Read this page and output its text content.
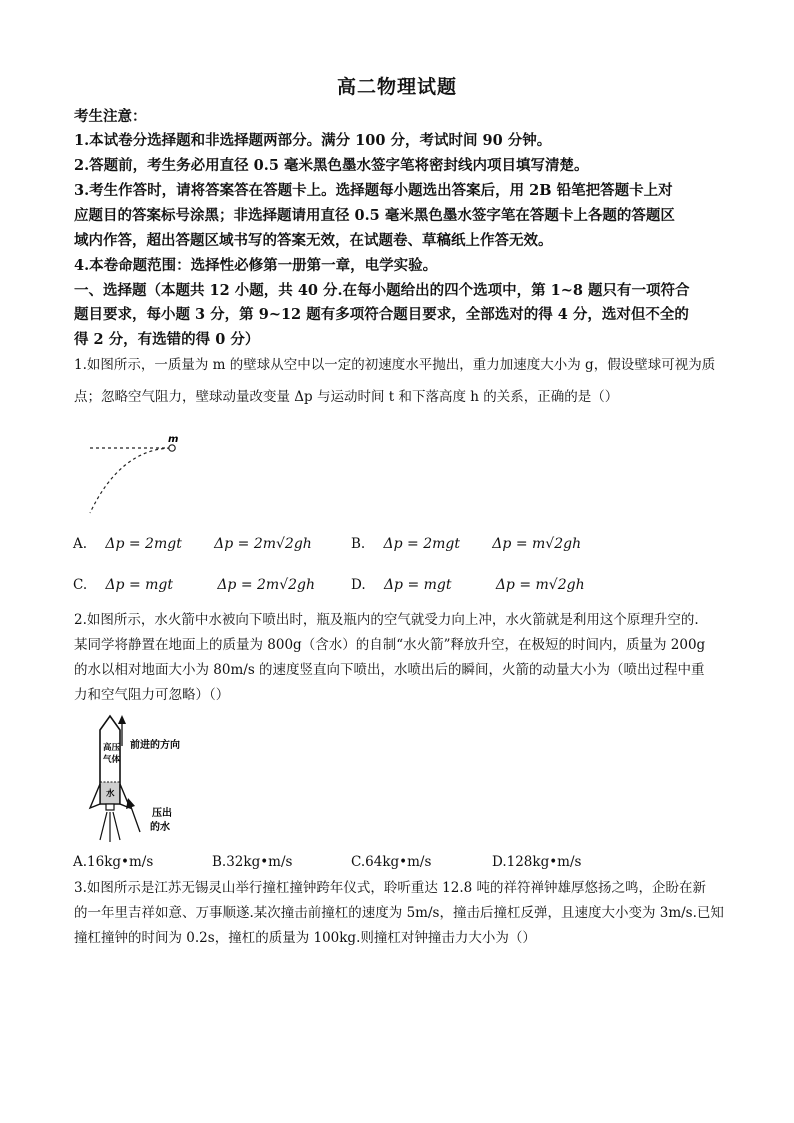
高二物理试题
考生注意：
1.本试卷分选择题和非选择题两部分。满分 100 分，考试时间 90 分钟。
2.答题前，考生务必用直径 0.5 毫米黑色墨水签字笔将密封线内项目填写清楚。
3.考生作答时，请将答案答在答题卡上。选择题每小题选出答案后，用 2B 铅笔把答题卡上对
应题目的答案标号涂黑；非选择题请用直径 0.5 毫米黑色墨水签字笔在答题卡上各题的答题区
域内作答，超出答题区域书写的答案无效，在试题卷、草稿纸上作答无效。
4.本卷命题范围：选择性必修第一册第一章，电学实验。
一、选择题（本题共 12 小题，共 40 分.在每小题给出的四个选项中，第 1~8 题只有一项符合
题目要求，每小题 3 分，第 9~12 题有多项符合题目要求，全部选对的得 4 分，选对但不全的
得 2 分，有选错的得 0 分）
1.如图所示，一质量为 m 的壁球从空中以一定的初速度水平抛出，重力加速度大小为 g，假设壁球可视为质
点；忽略空气阻力，壁球动量改变量 Δp 与运动时间 t 和下落高度 h 的关系，正确的是（）
m
A. Δp = 2mgt Δp = 2m√2gh	B. Δp = 2mgt Δp = m√2gh
C. Δp = mgt	Δp = 2m√2gh	D. Δp = mgt	Δp = m√2gh
2.如图所示，水火箭中水被向下喷出时，瓶及瓶内的空气就受力向上冲，水火箭就是利用这个原理升空的.
某同学将静置在地面上的质量为 800g（含水）的自制“水火箭”释放升空，在极短的时间内，质量为 200g
的水以相对地面大小为 80m/s 的速度竖直向下喷出，水喷出后的瞬间，火箭的动量大小为（喷出过程中重
力和空气阻力可忽略）（）
高压
气体
水
前进的方向
压出
的水
A.16kg•m/s	B.32kg•m/s	C.64kg•m/s	D.128kg•m/s
3.如图所示是江苏无锡灵山举行撞杠撞钟跨年仪式，聆听重达 12.8 吨的祥符禅钟雄厚悠扬之鸣，企盼在新
的一年里吉祥如意、万事顺遂.某次撞击前撞杠的速度为 5m/s，撞击后撞杠反弹，且速度大小变为 3m/s.已知
撞杠撞钟的时间为 0.2s，撞杠的质量为 100kg.则撞杠对钟撞击力大小为（）
